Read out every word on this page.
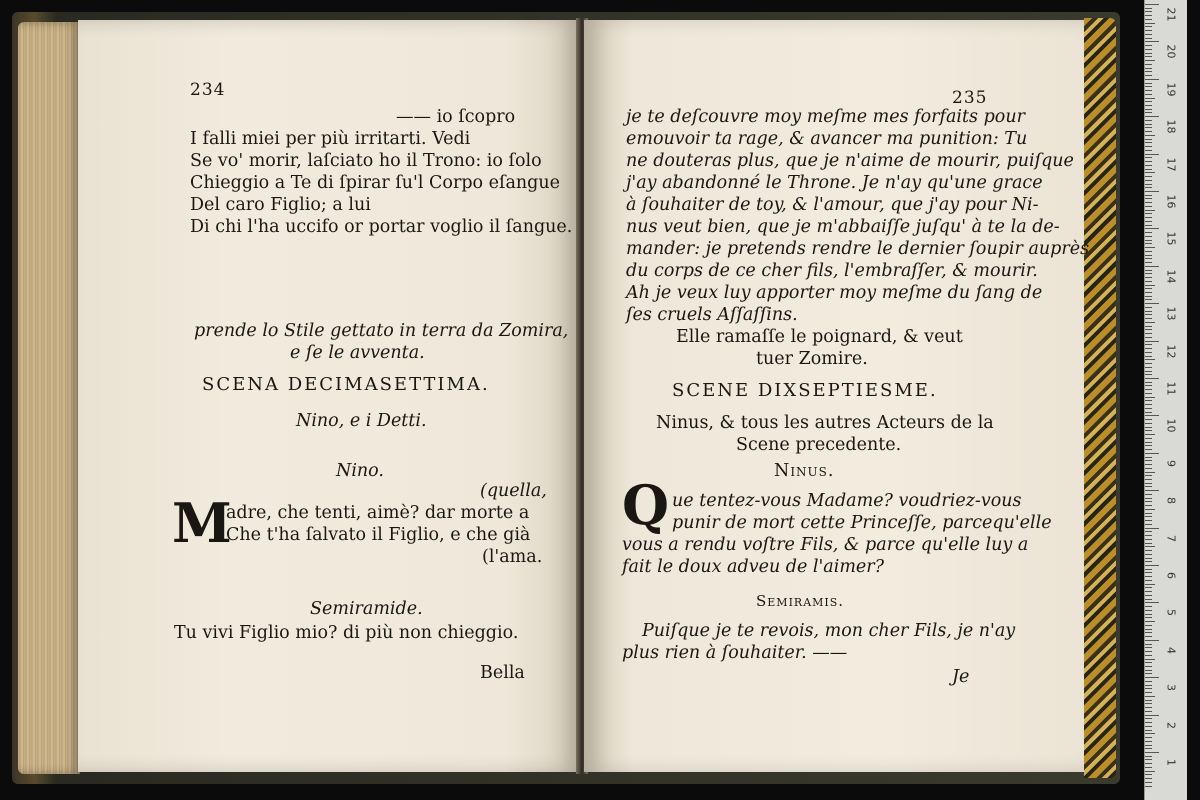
234
—— io ſcopro
I falli miei per più irritarti. Vedi
Se vo' morir, laſciato ho il Trono: io ſolo
Chieggio a Te di ſpirar ſu'l Corpo eſangue
Del caro Figlio; a lui
Di chi l'ha uccifo or portar voglio il ſangue.
prende lo Stile gettato in terra da Zomira,
e ſe le avventa.
SCENA DECIMASETTIMA.
Nino, e i Detti.
Nino.
(quella,
M
adre, che tenti, aimè? dar morte a
Che t'ha ſalvato il Figlio, e che già
(l'ama.
Semiramide.
Tu vivi Figlio mio? di più non chieggio.
Bella
235
je te deſcouvre moy meſme mes forfaits pour
emouvoir ta rage, & avancer ma punition: Tu
ne douteras plus, que je n'aime de mourir, puiſque
j'ay abandonné le Throne. Je n'ay qu'une grace
à ſouhaiter de toy, & l'amour, que j'ay pour Ni-
nus veut bien, que je m'abbaiſſe juſqu' à te la de-
mander: je pretends rendre le dernier ſoupir auprès
du corps de ce cher fils, l'embraſſer, & mourir.
Ah je veux luy apporter moy meſme du ſang de
ſes cruels Aſſaſſins.
Elle ramaſſe le poignard, & veut
tuer Zomire.
SCENE DIXSEPTIESME.
Ninus, & tous les autres Acteurs de la
Scene precedente.
Ninus.
Q ue tentez-vous Madame? voudriez-vous
punir de mort cette Princeſſe, parcequ'elle
vous a rendu voſtre Fils, & parce qu'elle luy a
fait le doux adveu de l'aimer?
Semiramis.
Puiſque je te revois, mon cher Fils, je n'ay
plus rien à ſouhaiter. ——
Je
21
20
19
18
17
16
15
14
13
12
11
10
9
8
7
6
5
4
3
2
1
